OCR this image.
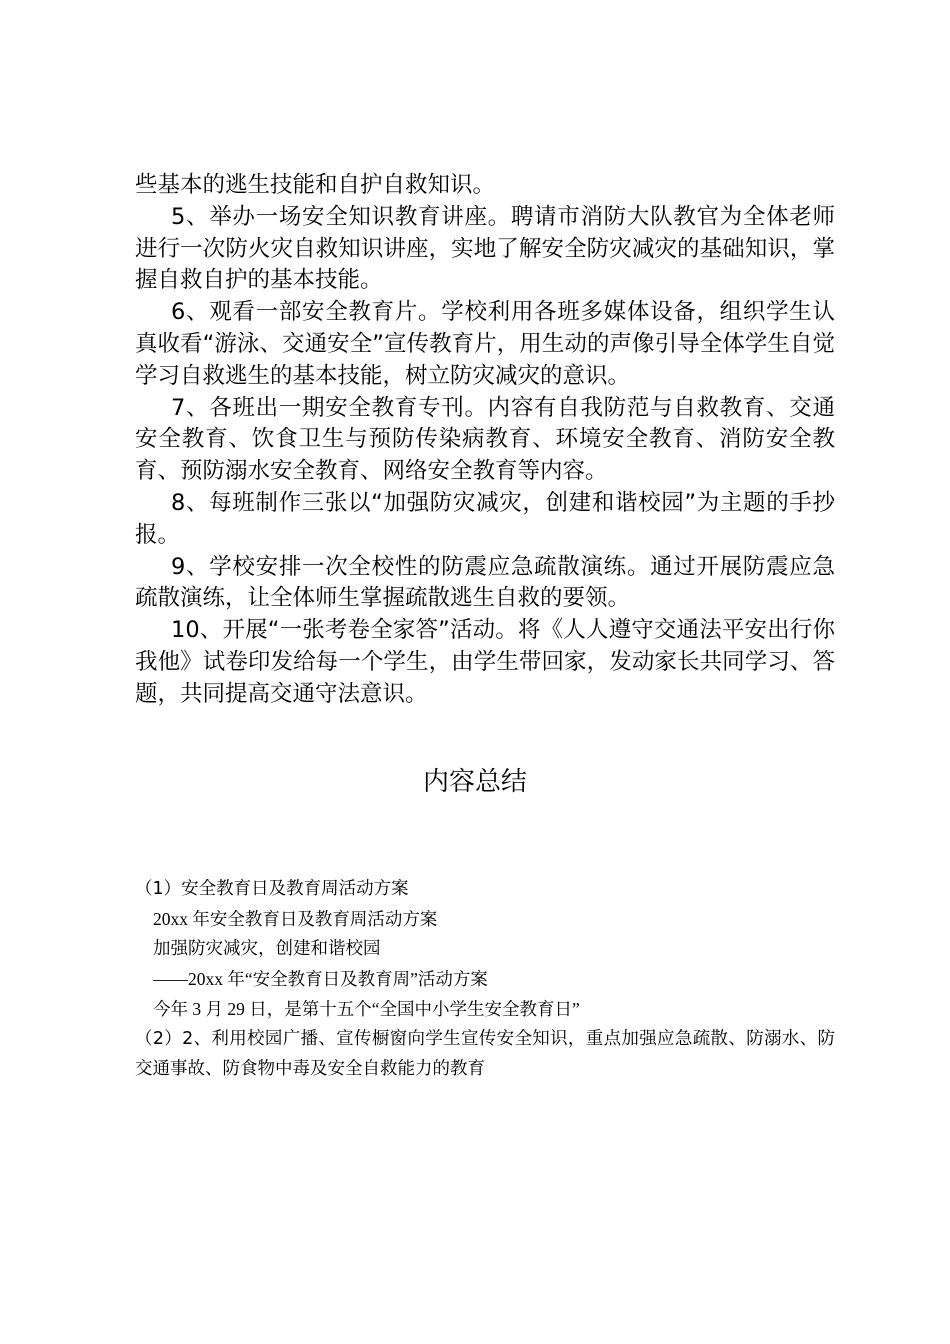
些基本的逃生技能和自护自救知识。

5、举办一场安全知识教育讲座。聘请市消防大队教官为全体老师进行一次防火灾自救知识讲座，实地了解安全防灾减灾的基础知识，掌握自救自护的基本技能。

6、观看一部安全教育片。学校利用各班多媒体设备，组织学生认真收看“游泳、交通安全”宣传教育片，用生动的声像引导全体学生自觉学习自救逃生的基本技能，树立防灾减灾的意识。

7、各班出一期安全教育专刊。内容有自我防范与自救教育、交通安全教育、饮食卫生与预防传染病教育、环境安全教育、消防安全教育、预防溺水安全教育、网络安全教育等内容。

8、每班制作三张以“加强防灾减灾，创建和谐校园”为主题的手抄报。

9、学校安排一次全校性的防震应急疏散演练。通过开展防震应急疏散演练，让全体师生掌握疏散逃生自救的要领。

10、开展“一张考卷全家答”活动。将《人人遵守交通法平安出行你我他》试卷印发给每一个学生，由学生带回家，发动家长共同学习、答题，共同提高交通守法意识。

内容总结

（1）安全教育日及教育周活动方案

20xx 年安全教育日及教育周活动方案

加强防灾减灾，创建和谐校园

——20xx 年“安全教育日及教育周”活动方案

今年 3 月 29 日，是第十五个“全国中小学生安全教育日”

（2）2、利用校园广播、宣传橱窗向学生宣传安全知识，重点加强应急疏散、防溺水、防交通事故、防食物中毒及安全自救能力的教育
